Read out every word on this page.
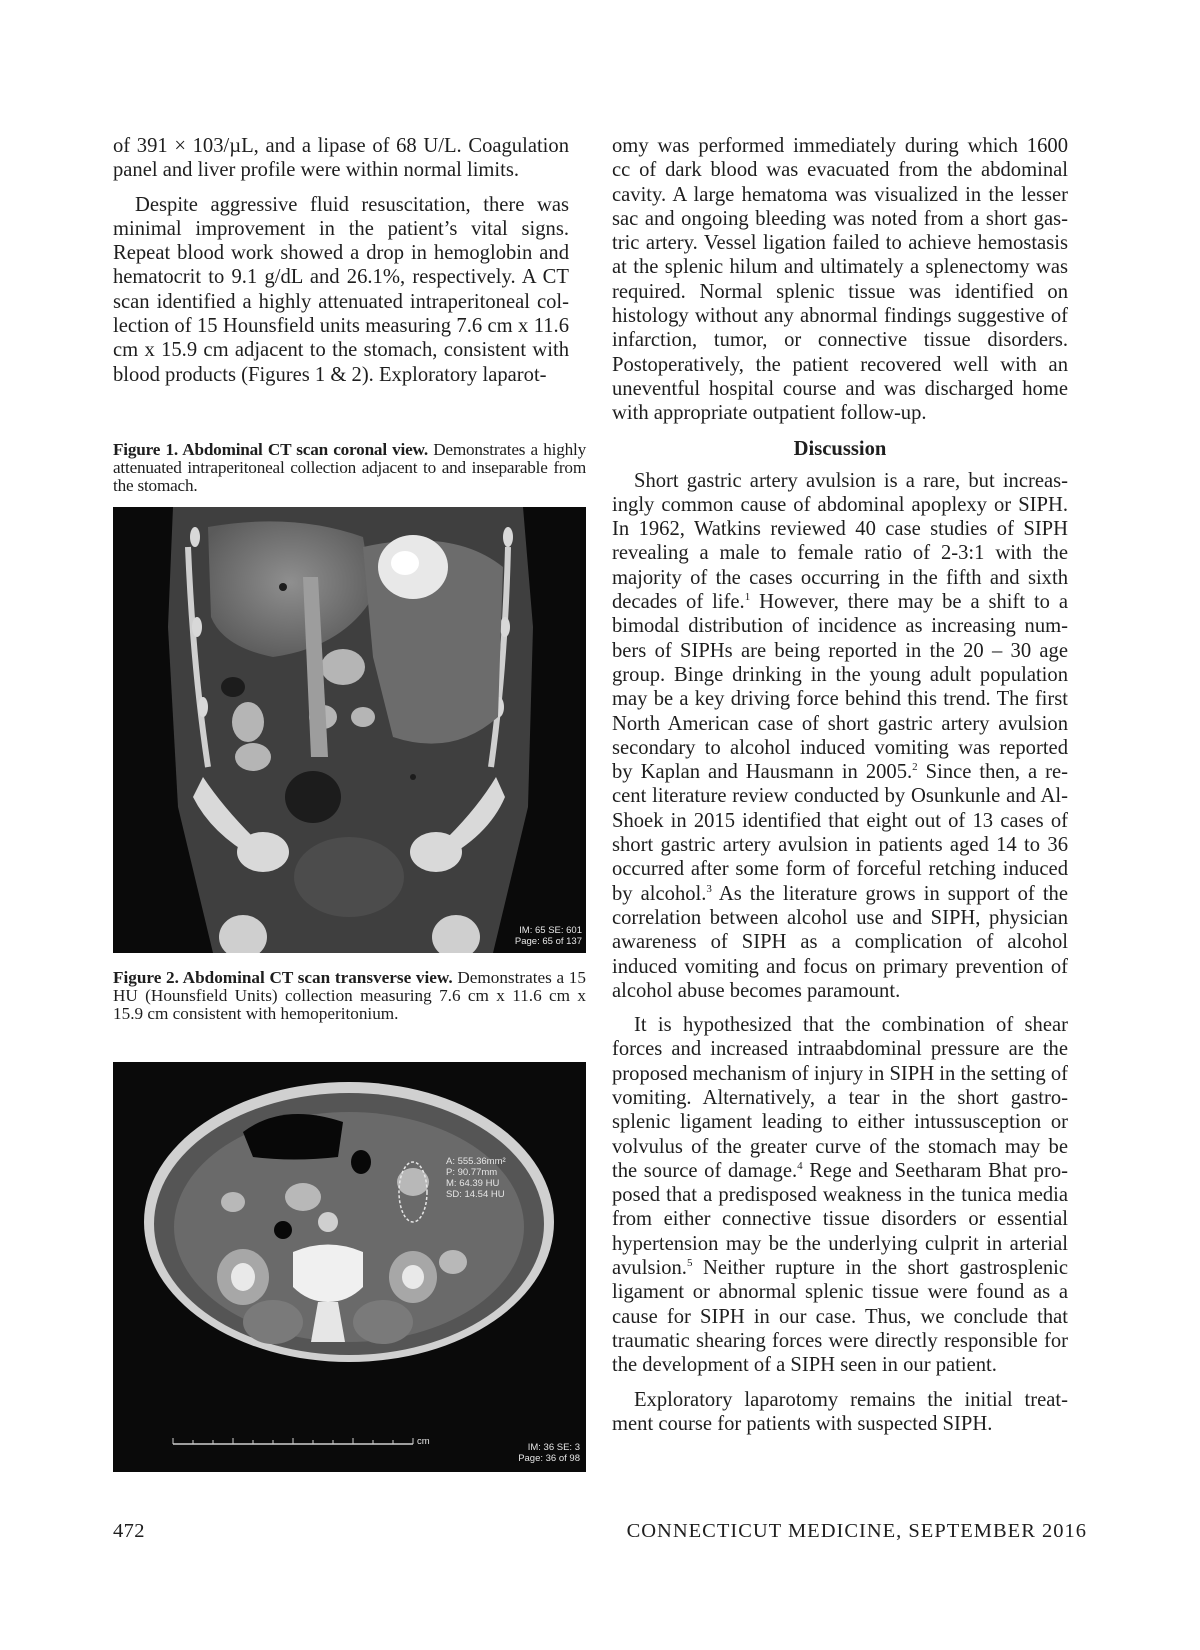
of 391 × 103/µL, and a lipase of 68 U/L. Coagulation panel and liver profile were within normal limits.

Despite aggressive fluid resuscitation, there was minimal improvement in the patient’s vital signs. Repeat blood work showed a drop in hemoglobin and hematocrit to 9.1 g/dL and 26.1%, respectively. A CT scan identified a highly attenuated intraperitoneal collection of 15 Hounsfield units measuring 7.6 cm x 11.6 cm x 15.9 cm adjacent to the stomach, consistent with blood products (Figures 1 & 2). Exploratory laparot-

Figure 1. Abdominal CT scan coronal view. Demonstrates a highly attenuated intraperitoneal collection adjacent to and inseparable from the stomach.

IM: 65 SE: 601
Page: 65 of 137

Figure 2. Abdominal CT scan transverse view. Demonstrates a 15 HU (Hounsfield Units) collection measuring 7.6 cm x 11.6 cm x 15.9 cm consistent with hemoperitonium.

A: 555.36mm²
P: 90.77mm
M: 64.39 HU
SD: 14.54 HU
cm
IM: 36 SE: 3
Page: 36 of 98

omy was performed immediately during which 1600 cc of dark blood was evacuated from the abdominal cavity. A large hematoma was visualized in the lesser sac and ongoing bleeding was noted from a short gastric artery. Vessel ligation failed to achieve hemostasis at the splenic hilum and ultimately a splenectomy was required. Normal splenic tissue was identified on histology without any abnormal findings suggestive of infarction, tumor, or connective tissue disorders. Postoperatively, the patient recovered well with an uneventful hospital course and was discharged home with appropriate outpatient follow-up.

Discussion

Short gastric artery avulsion is a rare, but increasingly common cause of abdominal apoplexy or SIPH. In 1962, Watkins reviewed 40 case studies of SIPH revealing a male to female ratio of 2-3:1 with the majority of the cases occurring in the fifth and sixth decades of life.$^1$ However, there may be a shift to a bimodal distribution of incidence as increasing numbers of SIPHs are being reported in the 20 – 30 age group. Binge drinking in the young adult population may be a key driving force behind this trend. The first North American case of short gastric artery avulsion secondary to alcohol induced vomiting was reported by Kaplan and Hausmann in 2005.$^2$ Since then, a recent literature review conducted by Osunkunle and Al-Shoek in 2015 identified that eight out of 13 cases of short gastric artery avulsion in patients aged 14 to 36 occurred after some form of forceful retching induced by alcohol.$^3$ As the literature grows in support of the correlation between alcohol use and SIPH, physician awareness of SIPH as a complication of alcohol induced vomiting and focus on primary prevention of alcohol abuse becomes paramount.

It is hypothesized that the combination of shear forces and increased intraabdominal pressure are the proposed mechanism of injury in SIPH in the setting of vomiting. Alternatively, a tear in the short gastrosplenic ligament leading to either intussusception or volvulus of the greater curve of the stomach may be the source of damage.$^4$ Rege and Seetharam Bhat proposed that a predisposed weakness in the tunica media from either connective tissue disorders or essential hypertension may be the underlying culprit in arterial avulsion.$^5$ Neither rupture in the short gastrosplenic ligament or abnormal splenic tissue were found as a cause for SIPH in our case. Thus, we conclude that traumatic shearing forces were directly responsible for the development of a SIPH seen in our patient.

Exploratory laparotomy remains the initial treatment course for patients with suspected SIPH.

472	CONNECTICUT MEDICINE, SEPTEMBER 2016
